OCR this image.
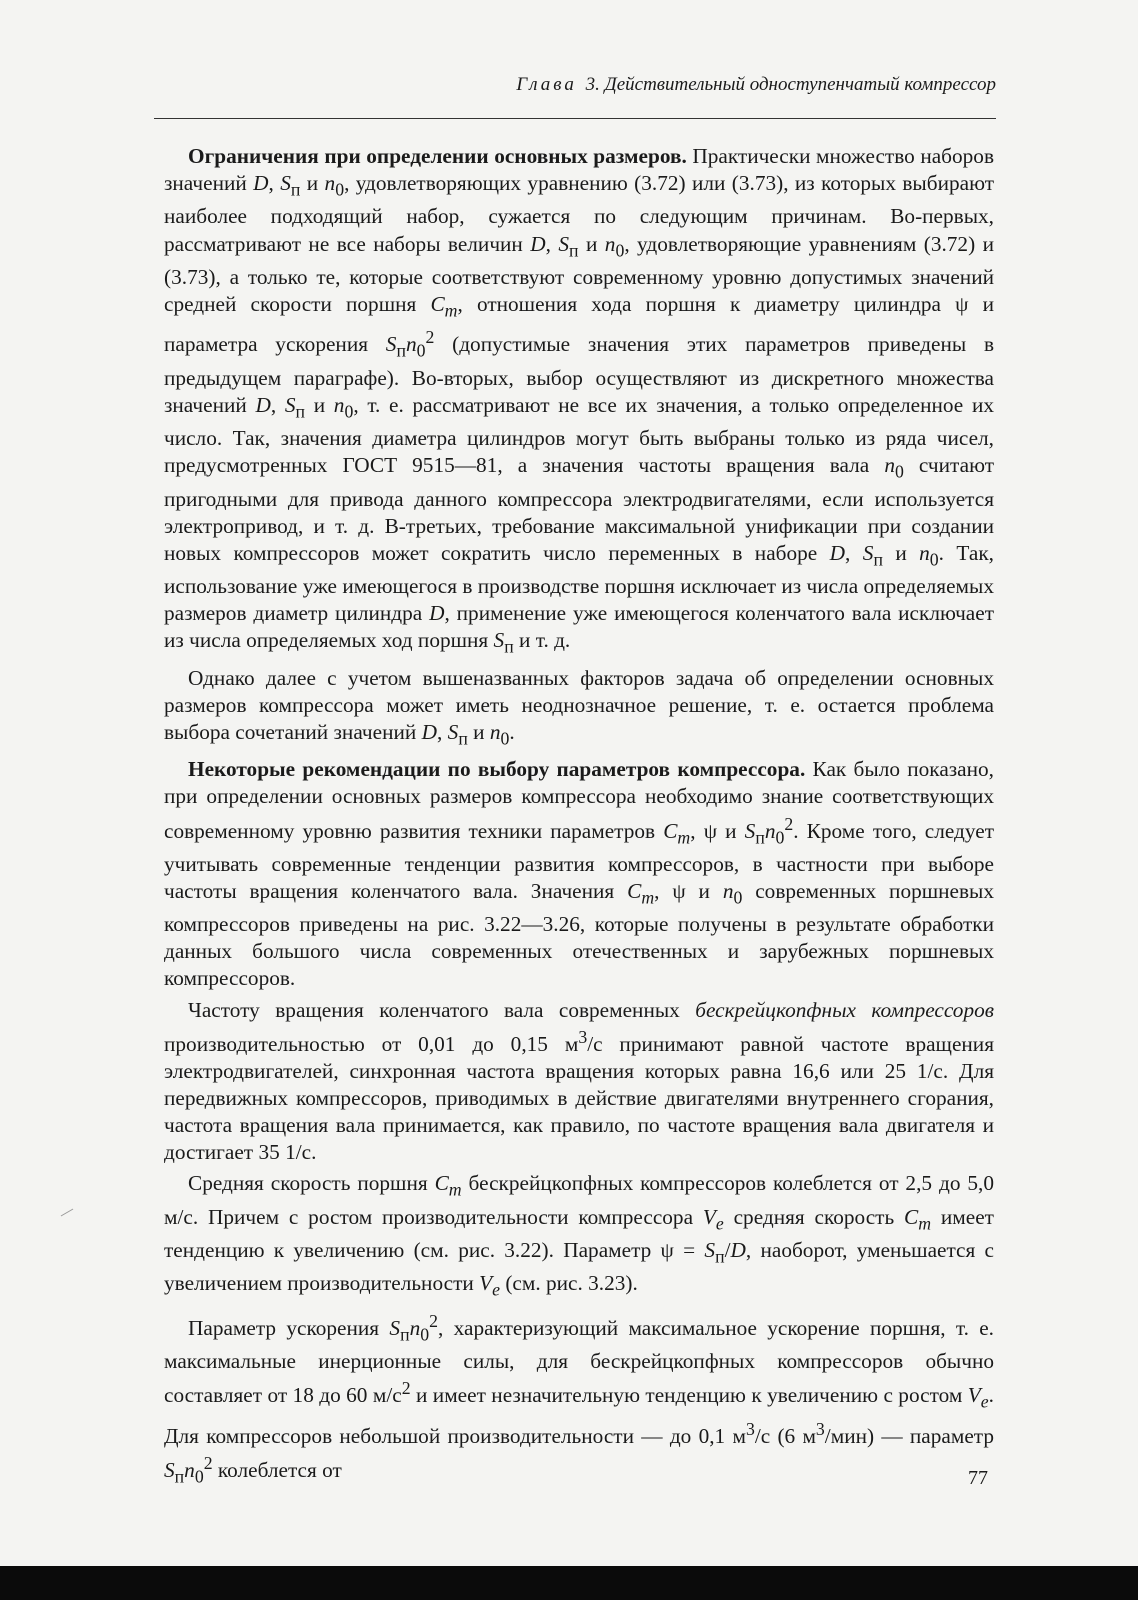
Глава 3. Действительный одноступенчатый компрессор

Ограничения при определении основных размеров. Практически множество наборов значений D, $S_п$ и $n_0$, удовлетворяющих уравнению (3.72) или (3.73), из которых выбирают наиболее подходящий набор, сужается по следующим причинам. Во-первых, рассматривают не все наборы величин D, $S_п$ и $n_0$, удовлетворяющие уравнениям (3.72) и (3.73), а только те, которые соответствуют современному уровню допустимых значений средней скорости поршня $C_m$, отношения хода поршня к диаметру цилиндра ψ и параметра ускорения $S_пn_0^2$ (допустимые значения этих параметров приведены в предыдущем параграфе). Во-вторых, выбор осуществляют из дискретного множества значений D, $S_п$ и $n_0$, т. е. рассматривают не все их значения, а только определенное их число. Так, значения диаметра цилиндров могут быть выбраны только из ряда чисел, предусмотренных ГОСТ 9515—81, а значения частоты вращения вала $n_0$ считают пригодными для привода данного компрессора электродвигателями, если используется электропривод, и т. д. В-третьих, требование максимальной унификации при создании новых компрессоров может сократить число переменных в наборе D, $S_п$ и $n_0$. Так, использование уже имеющегося в производстве поршня исключает из числа определяемых размеров диаметр цилиндра D, применение уже имеющегося коленчатого вала исключает из числа определяемых ход поршня $S_п$ и т. д.

Однако далее с учетом вышеназванных факторов задача об определении основных размеров компрессора может иметь неоднозначное решение, т. е. остается проблема выбора сочетаний значений D, $S_п$ и $n_0$.

Некоторые рекомендации по выбору параметров компрессора. Как было показано, при определении основных размеров компрессора необходимо знание соответствующих современному уровню развития техники параметров $C_m$, ψ и $S_пn_0^2$. Кроме того, следует учитывать современные тенденции развития компрессоров, в частности при выборе частоты вращения коленчатого вала. Значения $C_m$, ψ и $n_0$ современных поршневых компрессоров приведены на рис. 3.22—3.26, которые получены в результате обработки данных большого числа современных отечественных и зарубежных поршневых компрессоров.

Частоту вращения коленчатого вала современных бескрейцкопфных компрессоров производительностью от 0,01 до 0,15 $м^3/с$ принимают равной частоте вращения электродвигателей, синхронная частота вращения которых равна 16,6 или 25 1/с. Для передвижных компрессоров, приводимых в действие двигателями внутреннего сгорания, частота вращения вала принимается, как правило, по частоте вращения вала двигателя и достигает 35 1/с.

Средняя скорость поршня $C_m$ бескрейцкопфных компрессоров колеблется от 2,5 до 5,0 м/с. Причем с ростом производительности компрессора $V_e$ средняя скорость $C_m$ имеет тенденцию к увеличению (см. рис. 3.22). Параметр $\psi = S_п/D$, наоборот, уменьшается с увеличением производительности $V_e$ (см. рис. 3.23).

Параметр ускорения $S_пn_0^2$, характеризующий максимальное ускорение поршня, т. е. максимальные инерционные силы, для бескрейцкопфных компрессоров обычно составляет от 18 до 60 $м/с^2$ и имеет незначительную тенденцию к увеличению с ростом $V_e$. Для компрессоров небольшой производительности — до 0,1 $м^3/с$ (6 $м^3/мин$) — параметр $S_пn_0^2$ колеблется от	77
